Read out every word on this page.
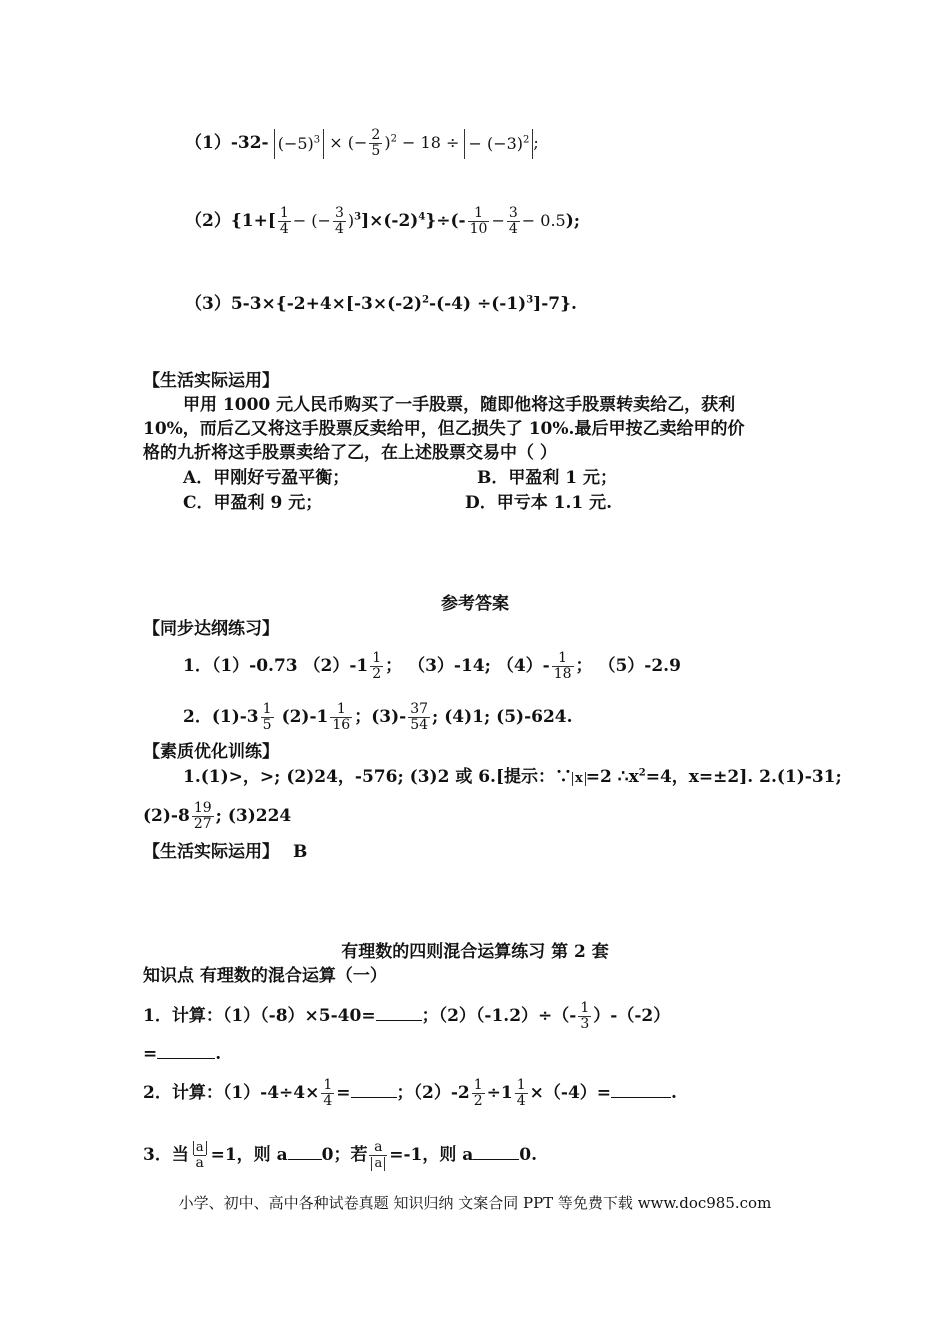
（1）-32- $(-5)^3$ × (− $\frac{2}{5} )^2 - 18$ ÷ − $(-3)^2$ ;
$(2)\{1+[ \frac{1}{4}$ − (− $\frac{3}{4} )^3]\times(-2)^4\}\div(- \frac{1}{10} - \frac{3}{4} - 0.5)$;
$(3)5-3\times\{-2+4\times[-3\times(-2)^2-(-4) \div(-1)^3]-7\}$.
【生活实际运用】
甲用 1000 元人民币购买了一手股票，随即他将这手股票转卖给乙，获利
10%，而后乙又将这手股票反卖给甲，但乙损失了 10%.最后甲按乙卖给甲的价
格的九折将这手股票卖给了乙，在上述股票交易中（ ）
A．甲刚好亏盈平衡；	B．甲盈利 1 元；
C．甲盈利 9 元；	D．甲亏本 1.1 元.
参考答案
【同步达纲练习】
1．（1）-0.73 $(2)-1 \frac{1}{2}$ ； （3）-14; $(4)- \frac{1}{18}$ ； （5）-2.9
2．$(1)-3 \frac{1}{5} (2)-1 \frac{1}{16}$ ；$(3)- \frac{37}{54}$ ; (4)1; (5)-624.
【素质优化训练】
1.(1)>，>; (2)24，-576; (3)2 或 6.[提示：∵ x =2 $\therefore x^2=4$，x=±2]. 2.(1)-31;
$(2)-8 \frac{19}{27}$ ; (3)224
【生活实际运用】 B
有理数的四则混合运算练习 第 2 套
知识点 有理数的混合运算（一）
1．计算：（1）（-8）×5-40=	；$(2)(-1.2)\div(- \frac{1}{3} )-(-2)$
=	.
2．计算：$(1)-4\div 4\times \frac{1}{4}$ =	；$(2)-2 \frac{1}{2} \div 1 \frac{1}{4} \times(-4)=$	.
3．当 $\frac{a}{a} =1$，则 a 0；若 $\frac{a}{a} =-1$，则 a	0.
小学、初中、高中各种试卷真题 知识归纳 文案合同 PPT 等免费下载 www.doc985.com
